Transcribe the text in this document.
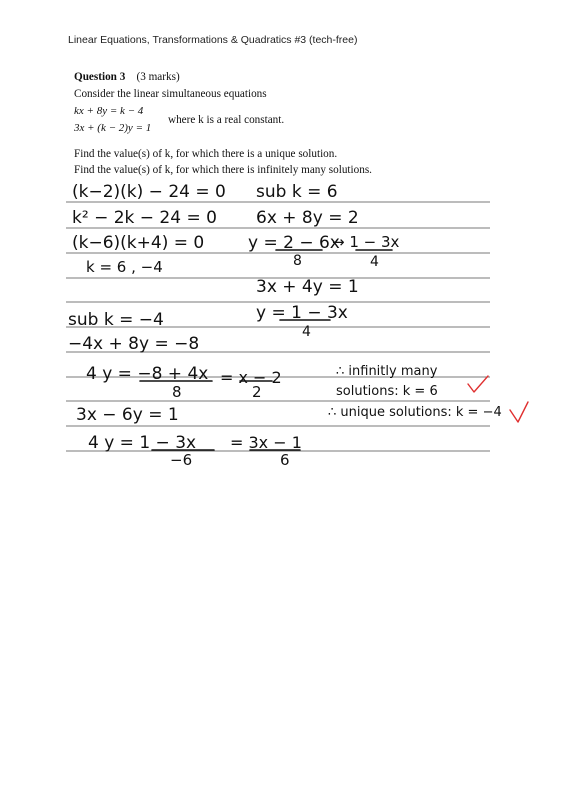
Linear Equations, Transformations & Quadratics #3 (tech-free)
Question 3 (3 marks)
Consider the linear simultaneous equations
kx + 8y = k − 4
3x + (k − 2)y = 1
where k is a real constant.
Find the value(s) of k, for which there is a unique solution.
Find the value(s) of k, for which there is infinitely many solutions.
(k−2)(k) − 24 = 0
k² − 2k − 24 = 0
(k−6)(k+4) = 0
k = 6 , −4
sub k = −4
−4x + 8y = −8
4 y = −8 + 4x
8
= x − 2
2
3x − 6y = 1
4 y = 1 − 3x
−6
= 3x − 1
6
sub k = 6
6x + 8y = 2
y = 2 − 6x
8
→ 1 − 3x
4
3x + 4y = 1
y = 1 − 3x
4
∴ infinitly many
solutions: k = 6
∴ unique solutions: k = −4
